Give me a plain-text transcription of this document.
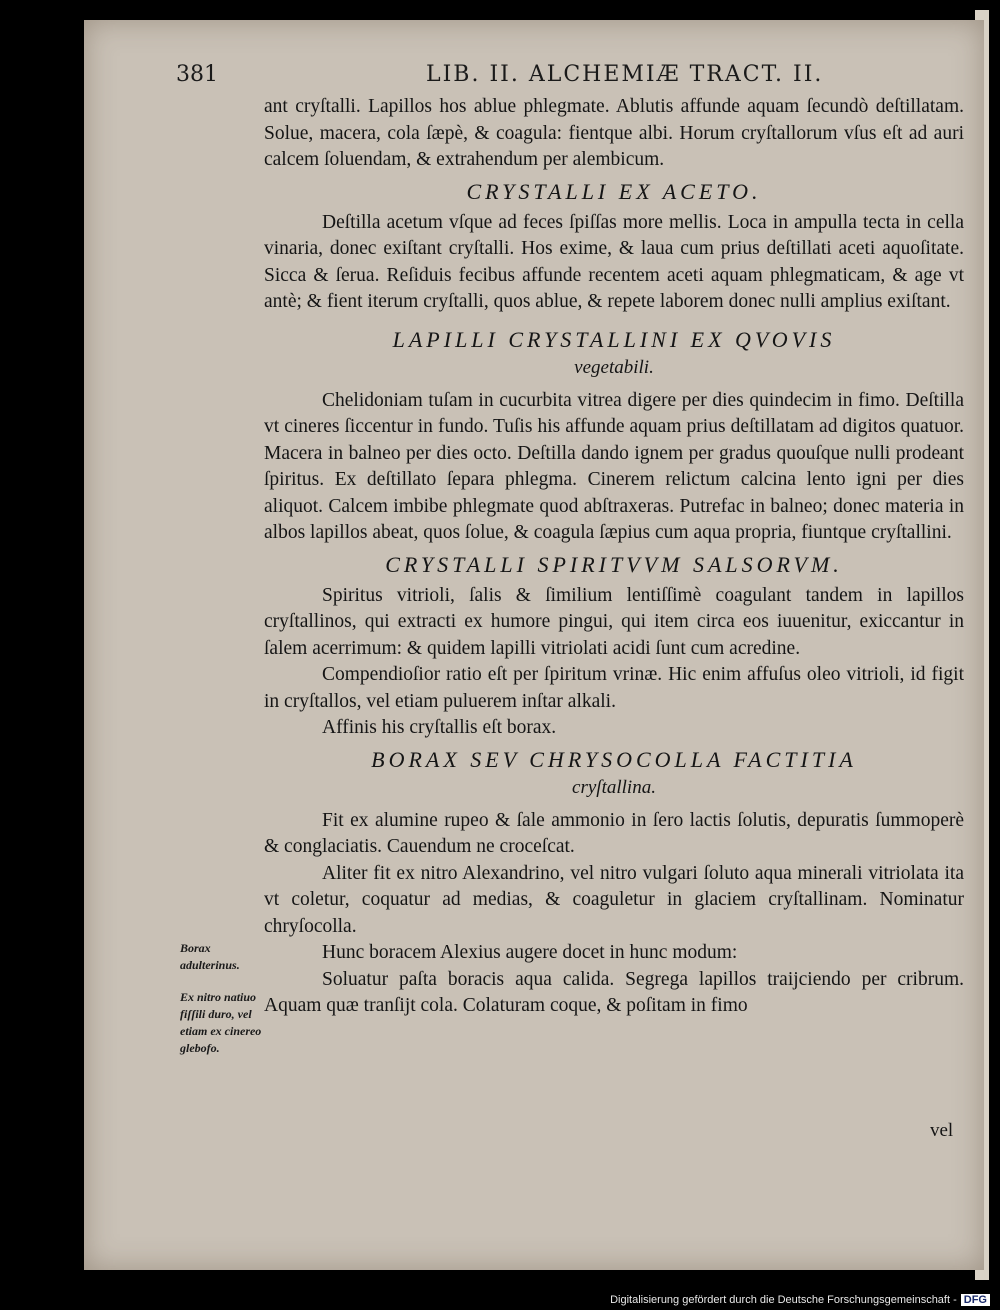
381	LIB. II. ALCHEMIÆ TRACT. II.

ant cryſtalli. Lapillos hos ablue phlegmate. Ablutis affunde aquam ſecundò deſtillatam. Solue, macera, cola ſæpè, & coagula: fientque albi. Horum cryſtallorum vſus eſt ad auri calcem ſoluendam, & extrahendum per alembicum.

CRYSTALLI EX ACETO.

Deſtilla acetum vſque ad feces ſpiſſas more mellis. Loca in ampulla tecta in cella vinaria, donec exiſtant cryſtalli. Hos exime, & laua cum prius deſtillati aceti aquoſitate. Sicca & ſerua. Reſiduis fecibus affunde recentem aceti aquam phlegmaticam, & age vt antè; & fient iterum cryſtalli, quos ablue, & repete laborem donec nulli amplius exiſtant.

LAPILLI CRYSTALLINI EX QVOVIS
vegetabili.

Chelidoniam tuſam in cucurbita vitrea digere per dies quindecim in fimo. Deſtilla vt cineres ſiccentur in fundo. Tuſis his affunde aquam prius deſtillatam ad digitos quatuor. Macera in balneo per dies octo. Deſtilla dando ignem per gradus quouſque nulli prodeant ſpiritus. Ex deſtillato ſepara phlegma. Cinerem relictum calcina lento igni per dies aliquot. Calcem imbibe phlegmate quod abſtraxeras. Putrefac in balneo; donec materia in albos lapillos abeat, quos ſolue, & coagula ſæpius cum aqua propria, fiuntque cryſtallini.

CRYSTALLI SPIRITVVM SALSORVM.

Spiritus vitrioli, ſalis & ſimilium lentiſſimè coagulant tandem in lapillos cryſtallinos, qui extracti ex humore pingui, qui item circa eos iuuenitur, exiccantur in ſalem acerrimum: & quidem lapilli vitriolati acidi ſunt cum acredine.

Compendioſior ratio eſt per ſpiritum vrinæ. Hic enim affuſus oleo vitrioli, id figit in cryſtallos, vel etiam puluerem inſtar alkali.

Affinis his cryſtallis eſt borax.

BORAX SEV CHRYSOCOLLA FACTITIA
cryſtallina.

Fit ex alumine rupeo & ſale ammonio in ſero lactis ſolutis, depuratis ſummoperè & conglaciatis. Cauendum ne croceſcat.

Aliter fit ex nitro Alexandrino, vel nitro vulgari ſoluto aqua minerali vitriolata ita vt coletur, coquatur ad medias, & coaguletur in glaciem cryſtallinam. Nominatur chryſocolla.

Hunc boracem Alexius augere docet in hunc modum:

Soluatur paſta boracis aqua calida. Segrega lapillos traijciendo per cribrum. Aquam quæ tranſijt cola. Colaturam coque, & poſitam in fimo

Borax adulterinus.
Ex nitro natiuo fiſſili duro, vel etiam ex cinereo glebofo.
vel
Digitalisierung gefördert durch die Deutsche Forschungsgemeinschaft - DFG
